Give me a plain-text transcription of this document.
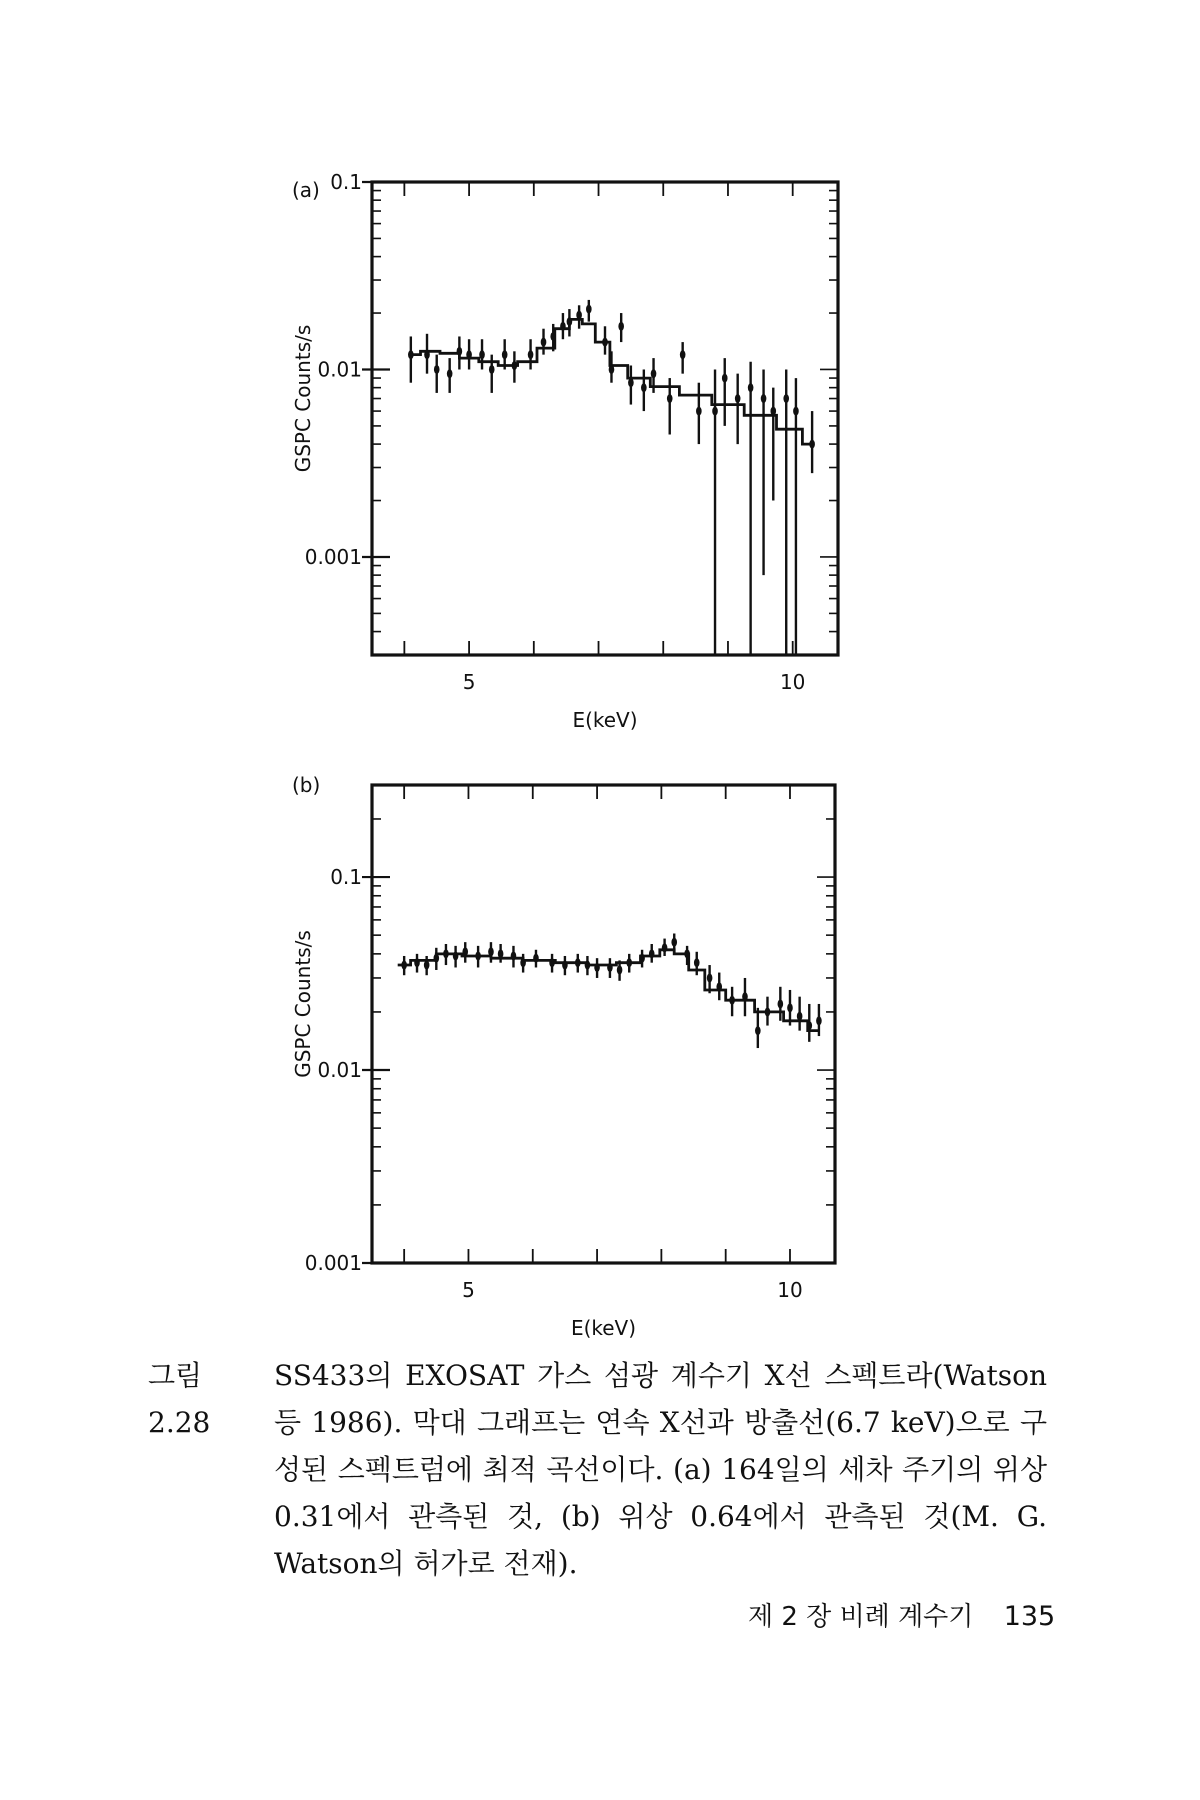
0.1
0.01
0.001
5	10
E(keV)
GSPC Counts/s
(a)
0.1
0.01
0.001
5	10
E(keV)
GSPC Counts/s
(b)
그림 2.28
SS433의 EXOSAT 가스 섬광 계수기 X선 스펙트라(Watson 등 1986). 막대 그래프는 연속 X선과 방출선(6.7 keV)으로 구성된 스펙트럼에 최적 곡선이다. (a) 164일의 세차 주기의 위상 0.31에서 관측된 것, (b) 위상 0.64에서 관측된 것(M. G. Watson의 허가로 전재).
제 2 장 비례 계수기 135
